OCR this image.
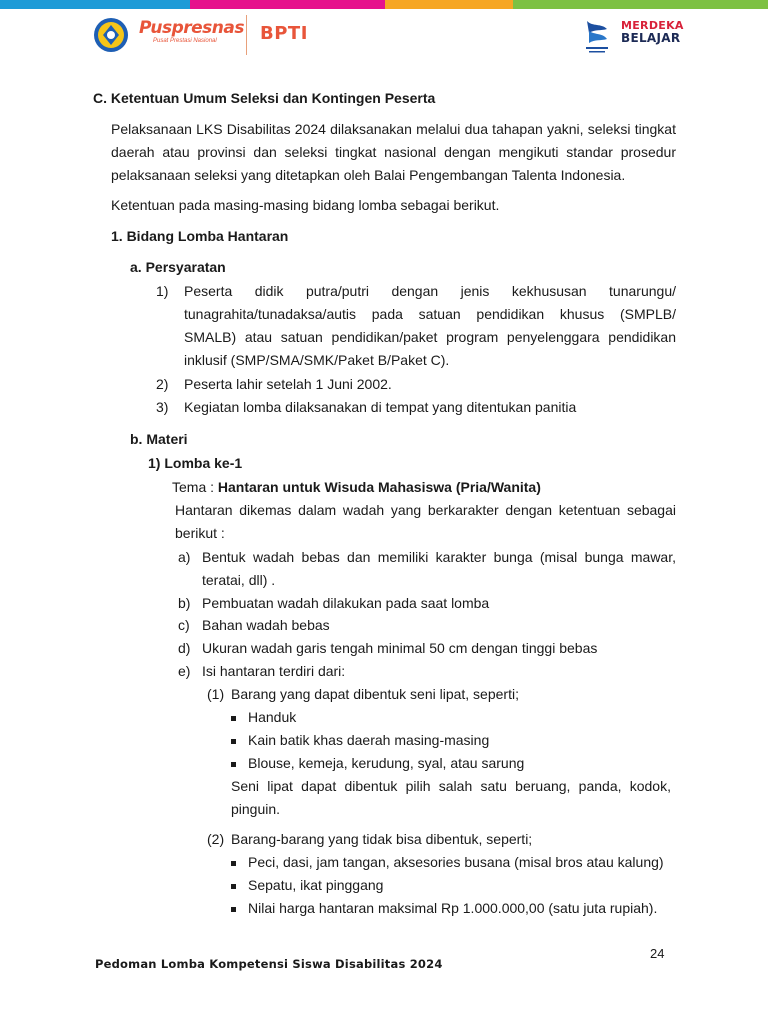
Puspresnas
Pusat Prestasi Nasional	BPTI	MERDEKA
BELAJAR
C. Ketentuan Umum Seleksi dan Kontingen Peserta
Pelaksanaan LKS Disabilitas 2024 dilaksanakan melalui dua tahapan yakni, seleksi tingkat
daerah atau provinsi dan seleksi tingkat nasional dengan mengikuti standar prosedur
pelaksanaan seleksi yang ditetapkan oleh Balai Pengembangan Talenta Indonesia.
Ketentuan pada masing-masing bidang lomba sebagai berikut.
1. Bidang Lomba Hantaran
a. Persyaratan
1) Peserta didik putra/putri dengan jenis kekhususan tunarungu/
tunagrahita/tunadaksa/autis pada satuan pendidikan khusus (SMPLB/
SMALB) atau satuan pendidikan/paket program penyelenggara pendidikan
inklusif (SMP/SMA/SMK/Paket B/Paket C).
2) Peserta lahir setelah 1 Juni 2002.
3) Kegiatan lomba dilaksanakan di tempat yang ditentukan panitia
b. Materi
1) Lomba ke-1
Tema : Hantaran untuk Wisuda Mahasiswa (Pria/Wanita)
Hantaran dikemas dalam wadah yang berkarakter dengan ketentuan sebagai
berikut :
a) Bentuk wadah bebas dan memiliki karakter bunga (misal bunga mawar,
teratai, dll) .
b) Pembuatan wadah dilakukan pada saat lomba
c) Bahan wadah bebas
d) Ukuran wadah garis tengah minimal 50 cm dengan tinggi bebas
e) Isi hantaran terdiri dari:
(1) Barang yang dapat dibentuk seni lipat, seperti;
Handuk
Kain batik khas daerah masing-masing
Blouse, kemeja, kerudung, syal, atau sarung
Seni lipat dapat dibentuk pilih salah satu beruang, panda, kodok,
pinguin.
(2) Barang-barang yang tidak bisa dibentuk, seperti;
Peci, dasi, jam tangan, aksesories busana (misal bros atau kalung)
Sepatu, ikat pinggang
Nilai harga hantaran maksimal Rp 1.000.000,00 (satu juta rupiah).
24
Pedoman Lomba Kompetensi Siswa Disabilitas 2024
